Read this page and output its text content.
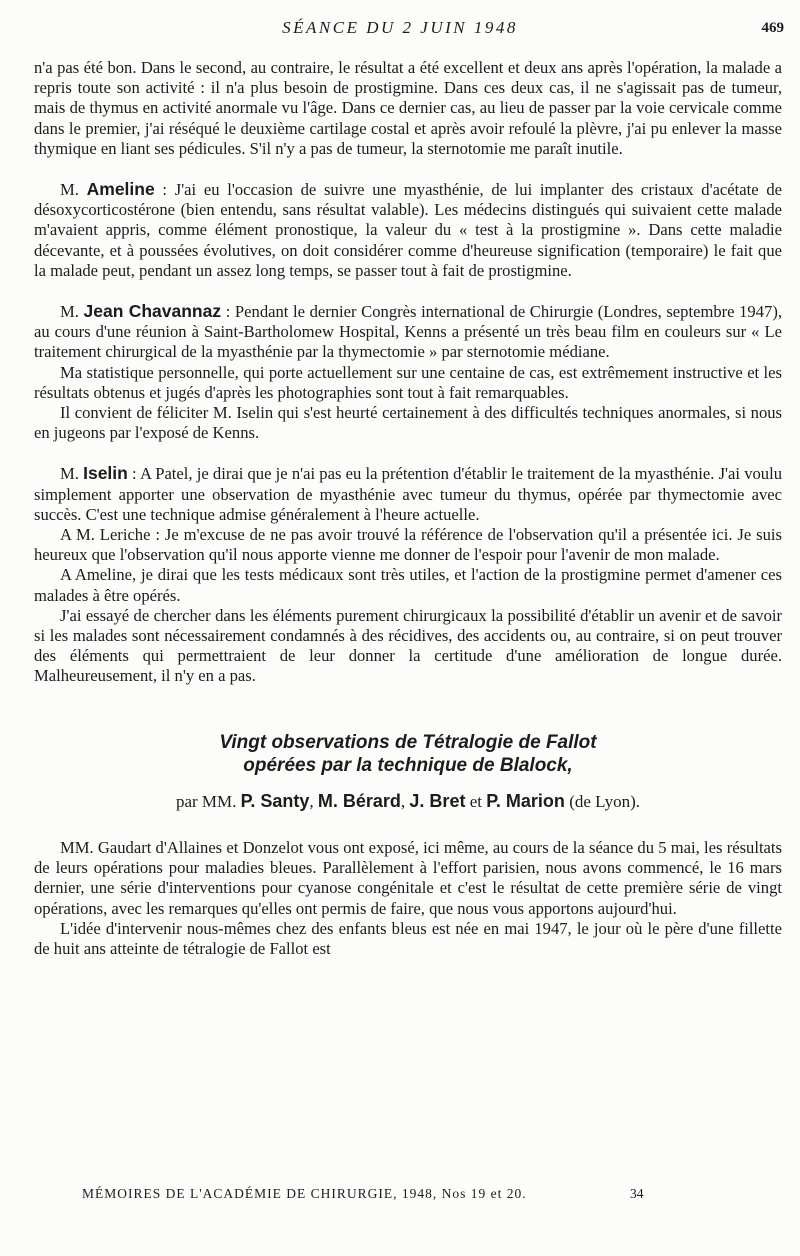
SÉANCE DU 2 JUIN 1948	469

n'a pas été bon. Dans le second, au contraire, le résultat a été excellent et deux ans après l'opération, la malade a repris toute son activité : il n'a plus besoin de prostigmine. Dans ces deux cas, il ne s'agissait pas de tumeur, mais de thymus en activité anormale vu l'âge. Dans ce dernier cas, au lieu de passer par la voie cervicale comme dans le premier, j'ai réséqué le deuxième cartilage costal et après avoir refoulé la plèvre, j'ai pu enlever la masse thymique en liant ses pédicules. S'il n'y a pas de tumeur, la sternotomie me paraît inutile.

M. Ameline : J'ai eu l'occasion de suivre une myasthénie, de lui implanter des cristaux d'acétate de désoxycorticostérone (bien entendu, sans résultat valable). Les médecins distingués qui suivaient cette malade m'avaient appris, comme élément pronostique, la valeur du « test à la prostigmine ». Dans cette maladie décevante, et à poussées évolutives, on doit considérer comme d'heureuse signification (temporaire) le fait que la malade peut, pendant un assez long temps, se passer tout à fait de prostigmine.

M. Jean Chavannaz : Pendant le dernier Congrès international de Chirurgie (Londres, septembre 1947), au cours d'une réunion à Saint-Bartholomew Hospital, Kenns a présenté un très beau film en couleurs sur « Le traitement chirurgical de la myasthénie par la thymectomie » par sternotomie médiane.

Ma statistique personnelle, qui porte actuellement sur une centaine de cas, est extrêmement instructive et les résultats obtenus et jugés d'après les photographies sont tout à fait remarquables.

Il convient de féliciter M. Iselin qui s'est heurté certainement à des difficultés techniques anormales, si nous en jugeons par l'exposé de Kenns.

M. Iselin : A Patel, je dirai que je n'ai pas eu la prétention d'établir le traitement de la myasthénie. J'ai voulu simplement apporter une observation de myasthénie avec tumeur du thymus, opérée par thymectomie avec succès. C'est une technique admise généralement à l'heure actuelle.

A M. Leriche : Je m'excuse de ne pas avoir trouvé la référence de l'observation qu'il a présentée ici. Je suis heureux que l'observation qu'il nous apporte vienne me donner de l'espoir pour l'avenir de mon malade.

A Ameline, je dirai que les tests médicaux sont très utiles, et l'action de la prostigmine permet d'amener ces malades à être opérés.

J'ai essayé de chercher dans les éléments purement chirurgicaux la possibilité d'établir un avenir et de savoir si les malades sont nécessairement condamnés à des récidives, des accidents ou, au contraire, si on peut trouver des éléments qui permettraient de leur donner la certitude d'une amélioration de longue durée. Malheureusement, il n'y en a pas.

Vingt observations de Tétralogie de Fallot
opérées par la technique de Blalock,
par MM. P. Santy, M. Bérard, J. Bret et P. Marion (de Lyon).

MM. Gaudart d'Allaines et Donzelot vous ont exposé, ici même, au cours de la séance du 5 mai, les résultats de leurs opérations pour maladies bleues. Parallèlement à l'effort parisien, nous avons commencé, le 16 mars dernier, une série d'interventions pour cyanose congénitale et c'est le résultat de cette première série de vingt opérations, avec les remarques qu'elles ont permis de faire, que nous vous apportons aujourd'hui.

L'idée d'intervenir nous-mêmes chez des enfants bleus est née en mai 1947, le jour où le père d'une fillette de huit ans atteinte de tétralogie de Fallot est

MÉMOIRES DE L'ACADÉMIE DE CHIRURGIE, 1948, Nos 19 et 20.	34
